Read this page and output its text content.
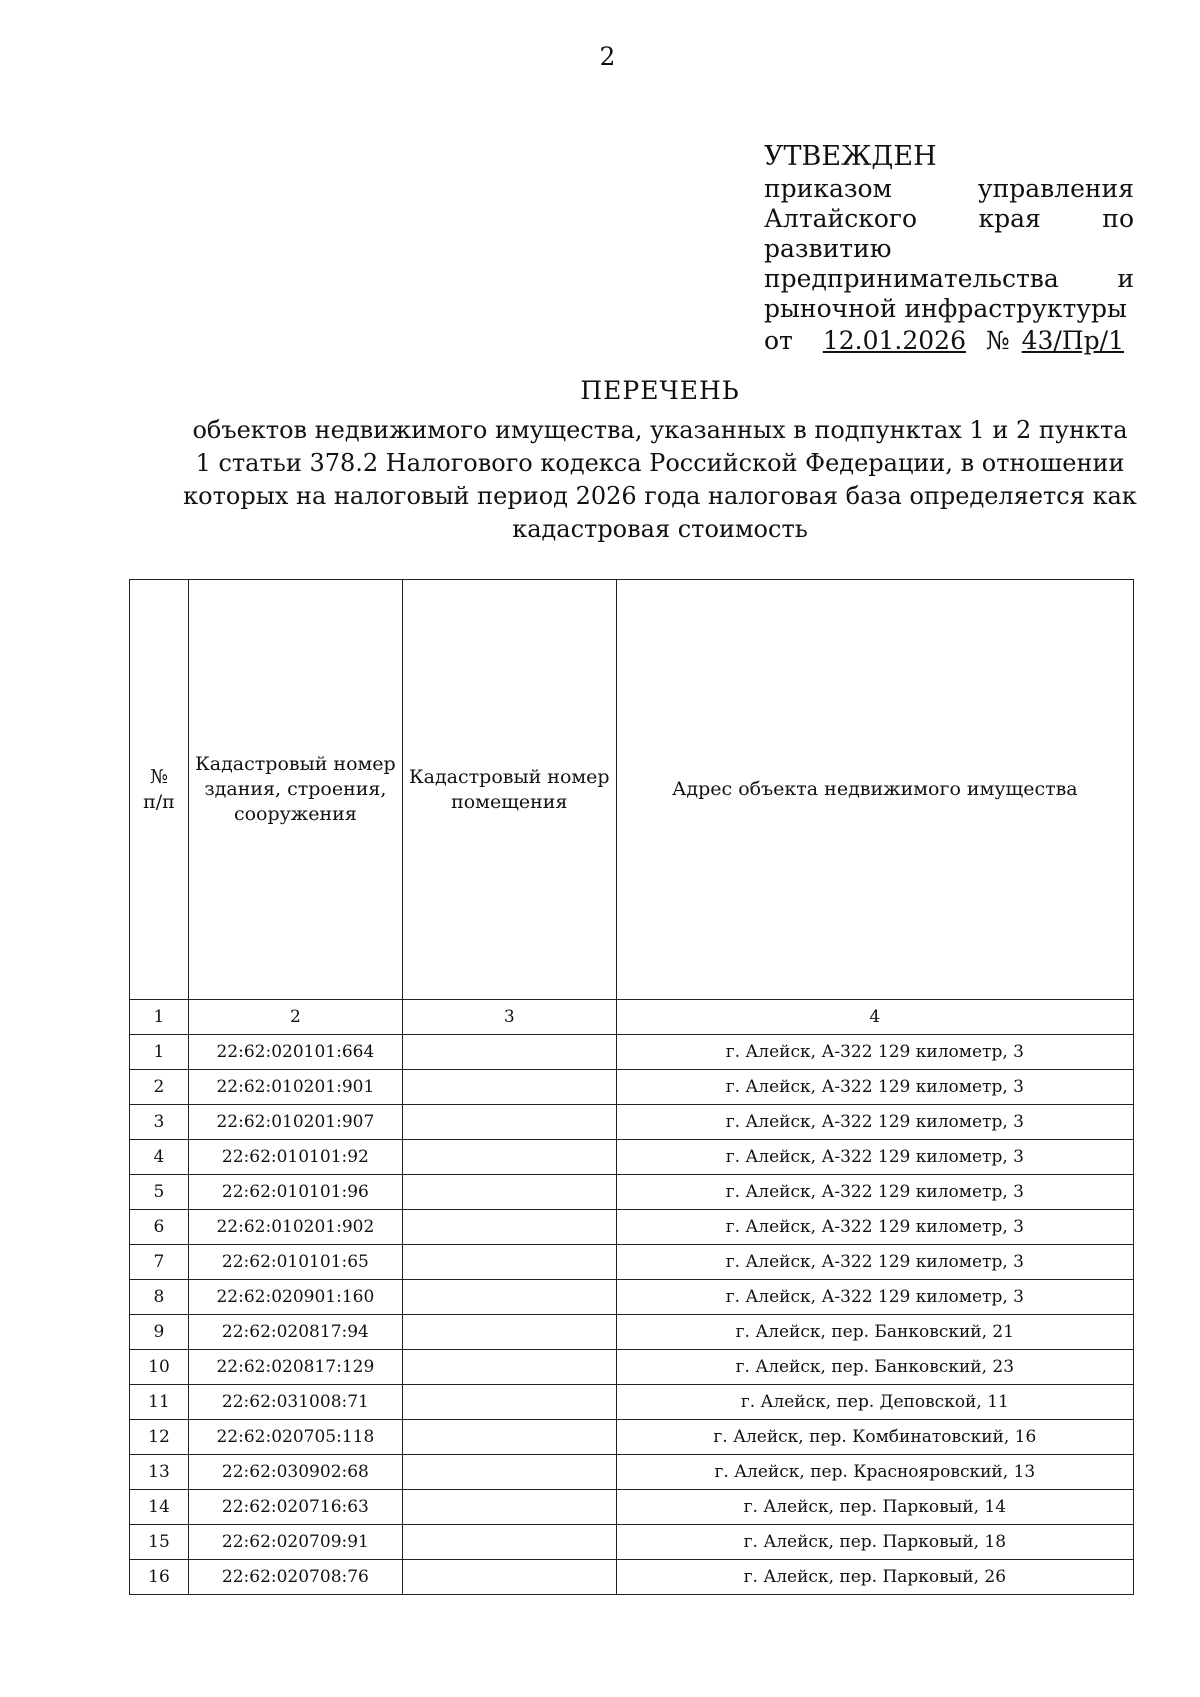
2
УТВЕЖДЕН
приказом управления Алтайского края по развитию предпринимательства и рыночной инфраструктуры
от 12.01.2026 № 43/Пр/1
ПЕРЕЧЕНЬ
объектов недвижимого имущества, указанных в подпунктах 1 и 2 пункта
1 статьи 378.2 Налогового кодекса Российской Федерации, в отношении
которых на налоговый период 2026 года налоговая база определяется как
кадастровая стоимость
№
п/п	Кадастровый номер здания, строения, сооружения	Кадастровый номер помещения	Адрес объекта недвижимого имущества
1	2	3	4
1	22:62:020101:664		г. Алейск, А-322 129 километр, 3
2	22:62:010201:901		г. Алейск, А-322 129 километр, 3
3	22:62:010201:907		г. Алейск, А-322 129 километр, 3
4	22:62:010101:92		г. Алейск, А-322 129 километр, 3
5	22:62:010101:96		г. Алейск, А-322 129 километр, 3
6	22:62:010201:902		г. Алейск, А-322 129 километр, 3
7	22:62:010101:65		г. Алейск, А-322 129 километр, 3
8	22:62:020901:160		г. Алейск, А-322 129 километр, 3
9	22:62:020817:94		г. Алейск, пер. Банковский, 21
10	22:62:020817:129		г. Алейск, пер. Банковский, 23
11	22:62:031008:71		г. Алейск, пер. Деповской, 11
12	22:62:020705:118		г. Алейск, пер. Комбинатовский, 16
13	22:62:030902:68		г. Алейск, пер. Краснояровский, 13
14	22:62:020716:63		г. Алейск, пер. Парковый, 14
15	22:62:020709:91		г. Алейск, пер. Парковый, 18
16	22:62:020708:76		г. Алейск, пер. Парковый, 26
